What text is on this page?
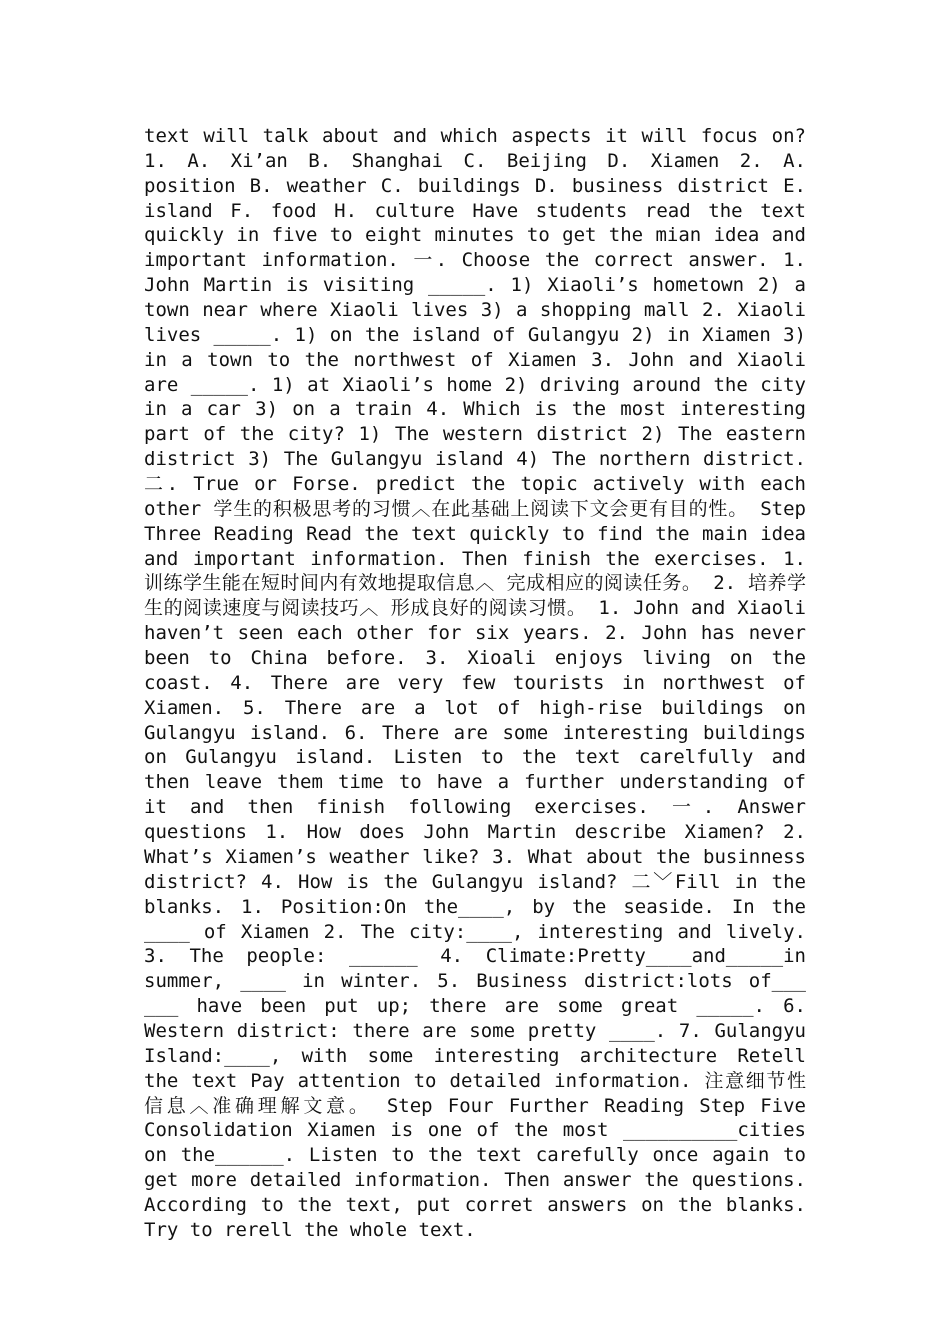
text will talk about and which aspects it will focus on? 1. A. Xi’an B. Shanghai C. Beijing D. Xiamen 2. A. position B. weather C. buildings D. business district E. island F. food H. culture Have students read the text quickly in five to eight minutes to get the mian idea and important information. 一. Choose the correct answer. 1. John Martin is visiting _____. 1) Xiaoli’s hometown 2) a town near where Xiaoli lives 3) a shopping mall 2. Xiaoli lives _____. 1) on the island of Gulangyu 2) in Xiamen 3) in a town to the northwest of Xiamen 3. John and Xiaoli are _____. 1) at Xiaoli’s home 2) driving around the city in a car 3) on a train 4. Which is the most interesting part of the city? 1) The western district 2) The eastern district 3) The Gulangyu island 4) The northern district. 二. True or Forse. predict the topic actively with each other 学生的积极思考的习惯︿在此基础上阅读下文会更有目的性。 Step Three Reading Read the text quickly to find the main idea and important information. Then finish the exercises. 1. 训练学生能在短时间内有效地提取信息︿ 完成相应的阅读任务。 2. 培养学生的阅读速度与阅读技巧︿ 形成良好的阅读习惯。 1. John and Xiaoli haven’t seen each other for six years. 2. John has never been to China before. 3. Xioali enjoys living on the coast. 4. There are very few tourists in northwest of Xiamen. 5. There are a lot of high-rise buildings on Gulangyu island. 6. There are some interesting buildings on Gulangyu island. Listen to the text carelfully and then leave them time to have a further understanding of it and then finish following exercises. 一. Answer questions 1. How does John Martin describe Xiamen? 2. What’s Xiamen’s weather like? 3. What about the businness district? 4. How is the Gulangyu island? 二﹀Fill in the blanks. 1. Position:On the____, by the seaside. In the ____ of Xiamen 2. The city:____, interesting and lively. 3. The people: ______ 4. Climate:Pretty____and_____in summer, ____ in winter. 5. Business district:lots of___ ___ have been put up; there are some great _____. 6. Western district: there are some pretty ____. 7. Gulangyu Island:____, with some interesting architecture Retell the text Pay attention to detailed information. 注意细节性信息︿准确理解文意。 Step Four Further Reading Step Five Consolidation Xiamen is one of the most __________cities on the______. Listen to the text carefully once again to get more detailed information. Then answer the questions. According to the text, put corret answers on the blanks. Try to rerell the whole text.
